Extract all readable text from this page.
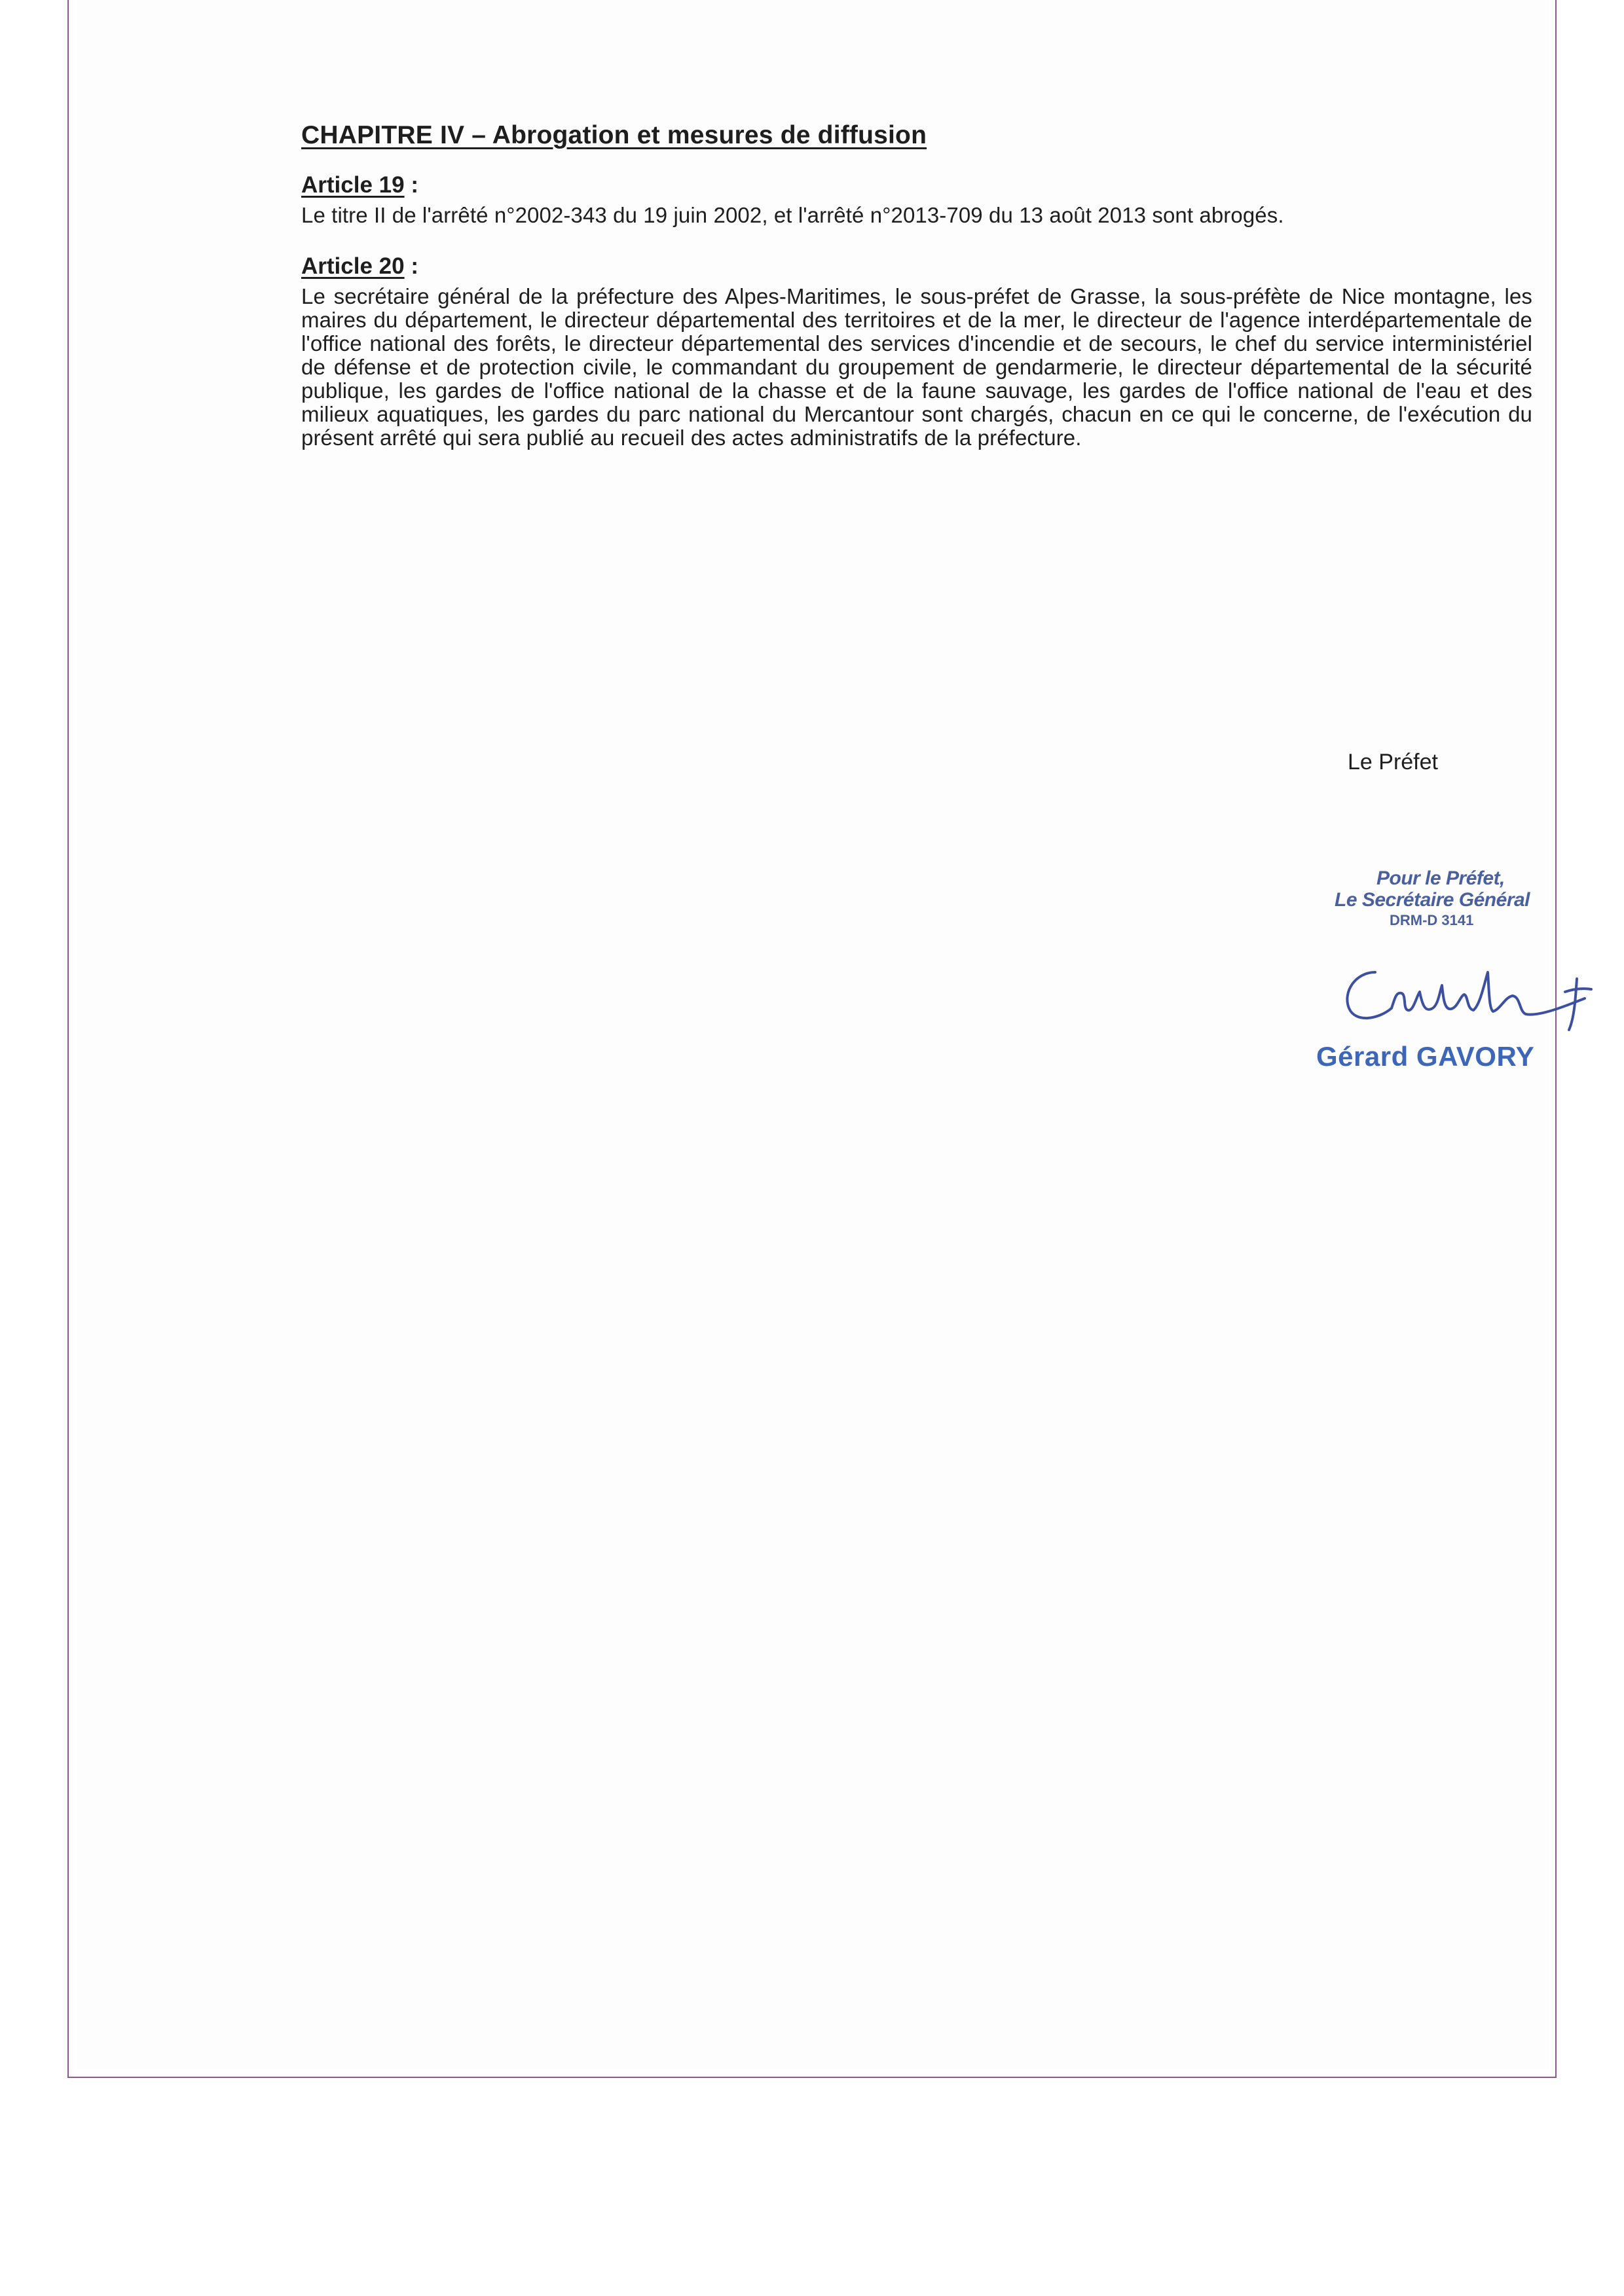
CHAPITRE IV – Abrogation et mesures de diffusion
Article 19 :

Le titre II de l'arrêté n°2002-343 du 19 juin 2002, et l'arrêté n°2013-709 du 13 août 2013 sont abrogés.

Article 20 :

Le secrétaire général de la préfecture des Alpes-Maritimes, le sous-préfet de Grasse, la sous-préfète de Nice montagne, les maires du département, le directeur départemental des territoires et de la mer, le directeur de l'agence interdépartementale de l'office national des forêts, le directeur départemental des services d'incendie et de secours, le chef du service interministériel de défense et de protection civile, le commandant du groupement de gendarmerie, le directeur départemental de la sécurité publique, les gardes de l'office national de la chasse et de la faune sauvage, les gardes de l'office national de l'eau et des milieux aquatiques, les gardes du parc national du Mercantour sont chargés, chacun en ce qui le concerne, de l'exécution du présent arrêté qui sera publié au recueil des actes administratifs de la préfecture.

Le Préfet
Pour le Préfet,
Le Secrétaire Général
DRM-D 3141
Gérard GAVORY
